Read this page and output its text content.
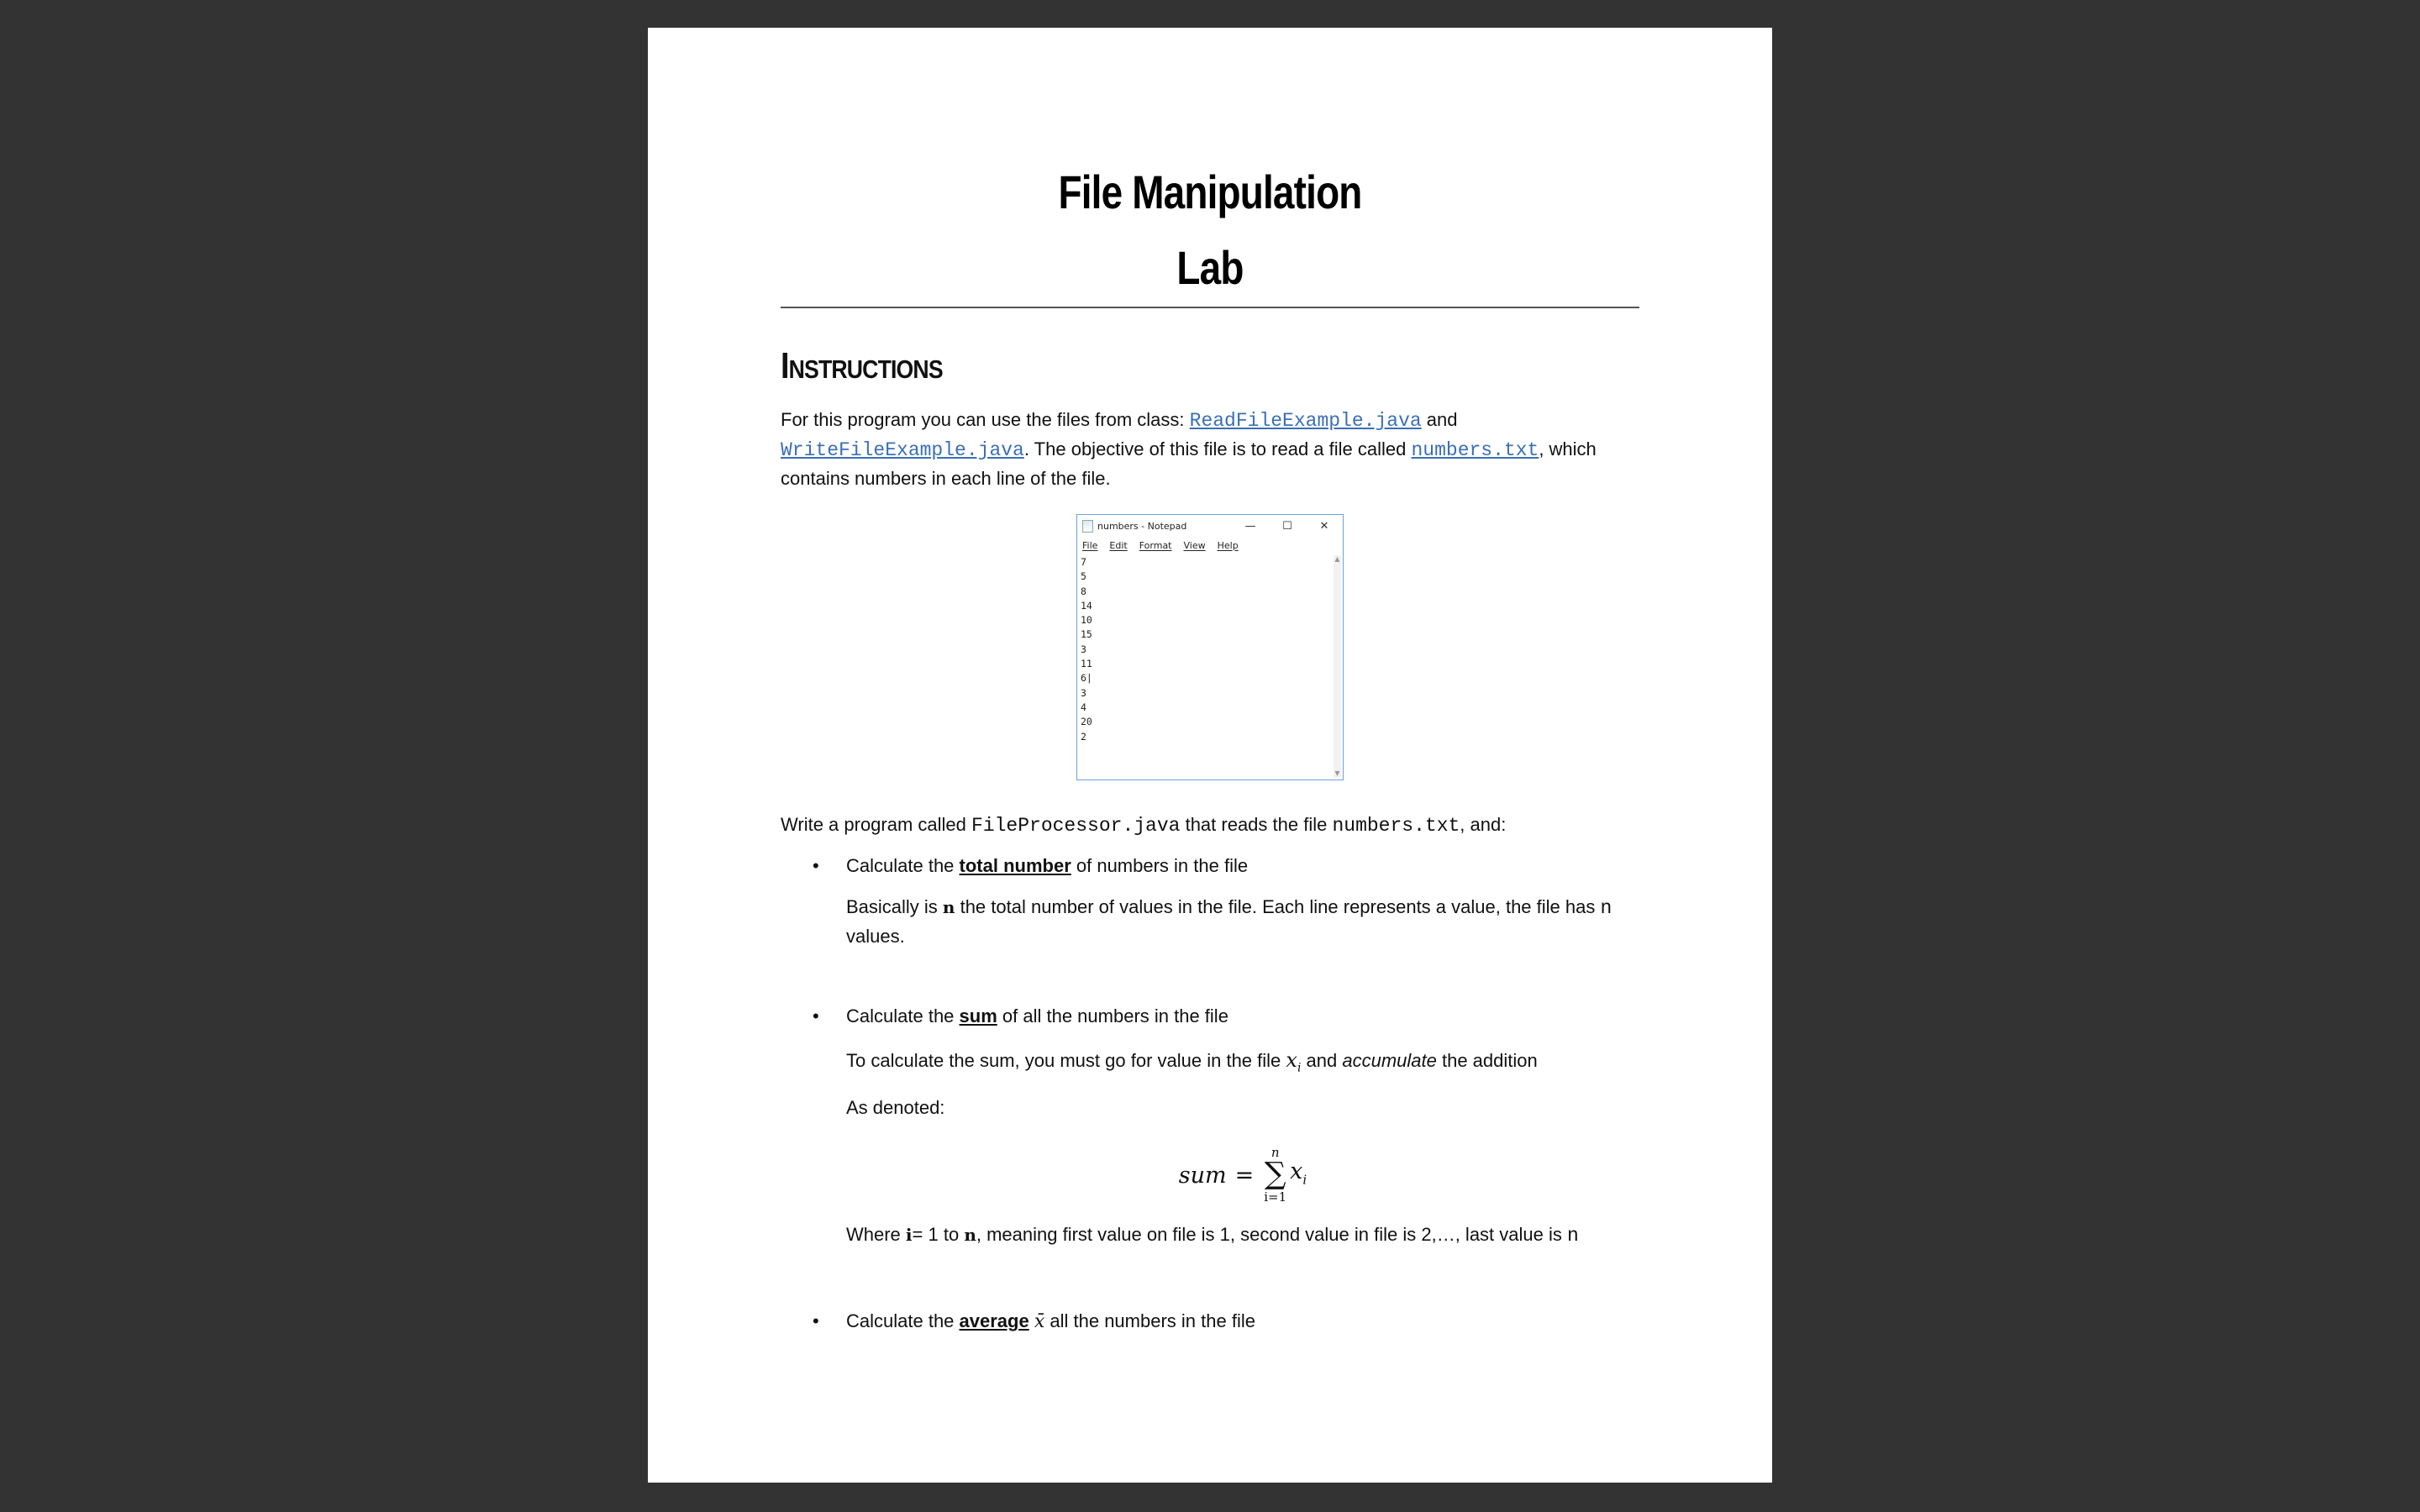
File Manipulation
Lab
Instructions

For this program you can use the files from class: ReadFileExample.java and WriteFileExample.java. The objective of this file is to read a file called numbers.txt, which contains numbers in each line of the file.

numbers - Notepad	—	☐	✕
File Edit Format View Help
7
5
8
14
10
15
3
11
6|
3
4
20
2
▲
▼

Write a program called FileProcessor.java that reads the file numbers.txt, and:

• Calculate the total number of numbers in the file

Basically is n the total number of values in the file. Each line represents a value, the file has n values.

• Calculate the sum of all the numbers in the file

To calculate the sum, you must go for value in the file $x_i$ and accumulate the addition

As denoted:

sum =
n
∑
i=1
$x_i$

Where i= 1 to n, meaning first value on file is 1, second value in file is 2,…, last value is n

• Calculate the average x̄ all the numbers in the file
